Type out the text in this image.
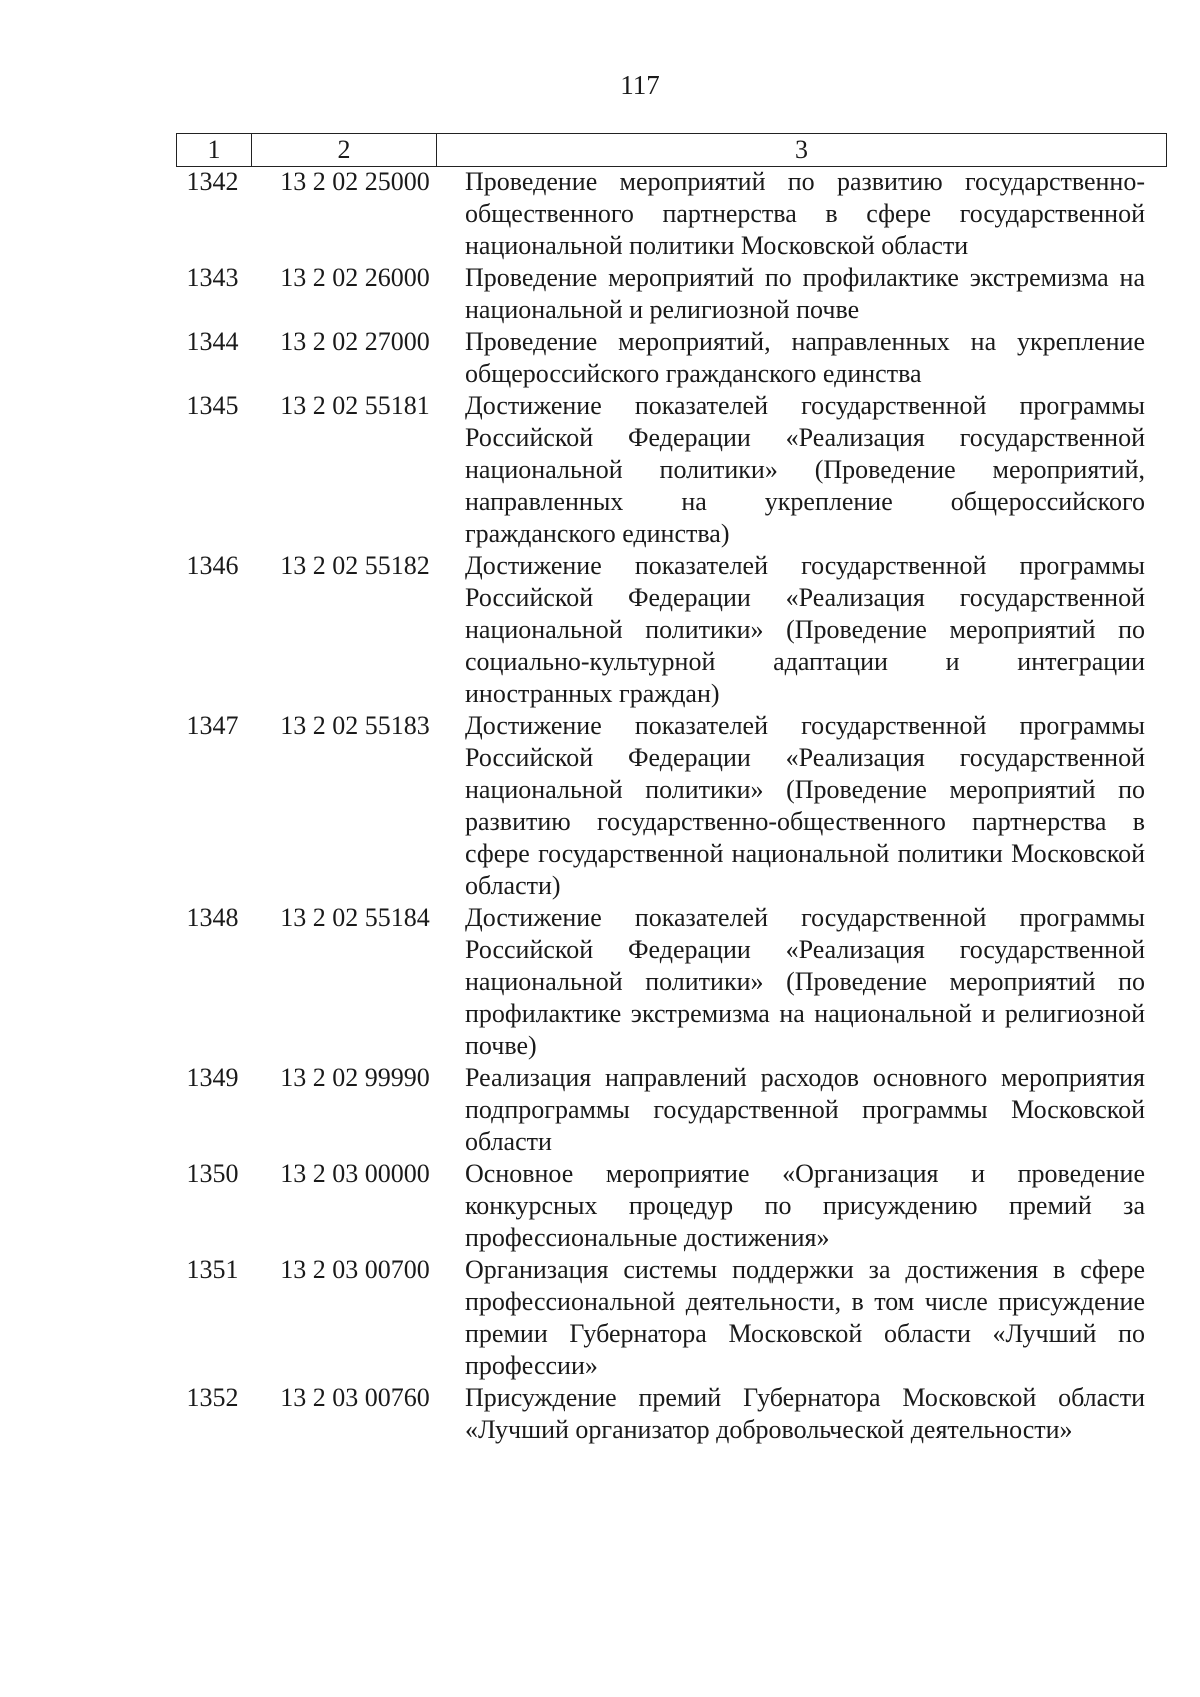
117
1	2	3
1342	13 2 02 25000	Проведение мероприятий по развитию государственно-общественного партнерства в сфере государственной национальной политики Московской области
1343	13 2 02 26000	Проведение мероприятий по профилактике экстремизма на национальной и религиозной почве
1344	13 2 02 27000	Проведение мероприятий, направленных на укрепление общероссийского гражданского единства
1345	13 2 02 55181	Достижение показателей государственной программы Российской Федерации «Реализация государственной национальной политики» (Проведение мероприятий, направленных на укрепление общероссийского гражданского единства)
1346	13 2 02 55182	Достижение показателей государственной программы Российской Федерации «Реализация государственной национальной политики» (Проведение мероприятий по социально-культурной адаптации и интеграции иностранных граждан)
1347	13 2 02 55183	Достижение показателей государственной программы Российской Федерации «Реализация государственной национальной политики» (Проведение мероприятий по развитию государственно-общественного партнерства в сфере государственной национальной политики Московской области)
1348	13 2 02 55184	Достижение показателей государственной программы Российской Федерации «Реализация государственной национальной политики» (Проведение мероприятий по профилактике экстремизма на национальной и религиозной почве)
1349	13 2 02 99990	Реализация направлений расходов основного мероприятия подпрограммы государственной программы Московской области
1350	13 2 03 00000	Основное мероприятие «Организация и проведение конкурсных процедур по присуждению премий за профессиональные достижения»
1351	13 2 03 00700	Организация системы поддержки за достижения в сфере профессиональной деятельности, в том числе присуждение премии Губернатора Московской области «Лучший по профессии»
1352	13 2 03 00760	Присуждение премий Губернатора Московской области «Лучший организатор добровольческой деятельности»
